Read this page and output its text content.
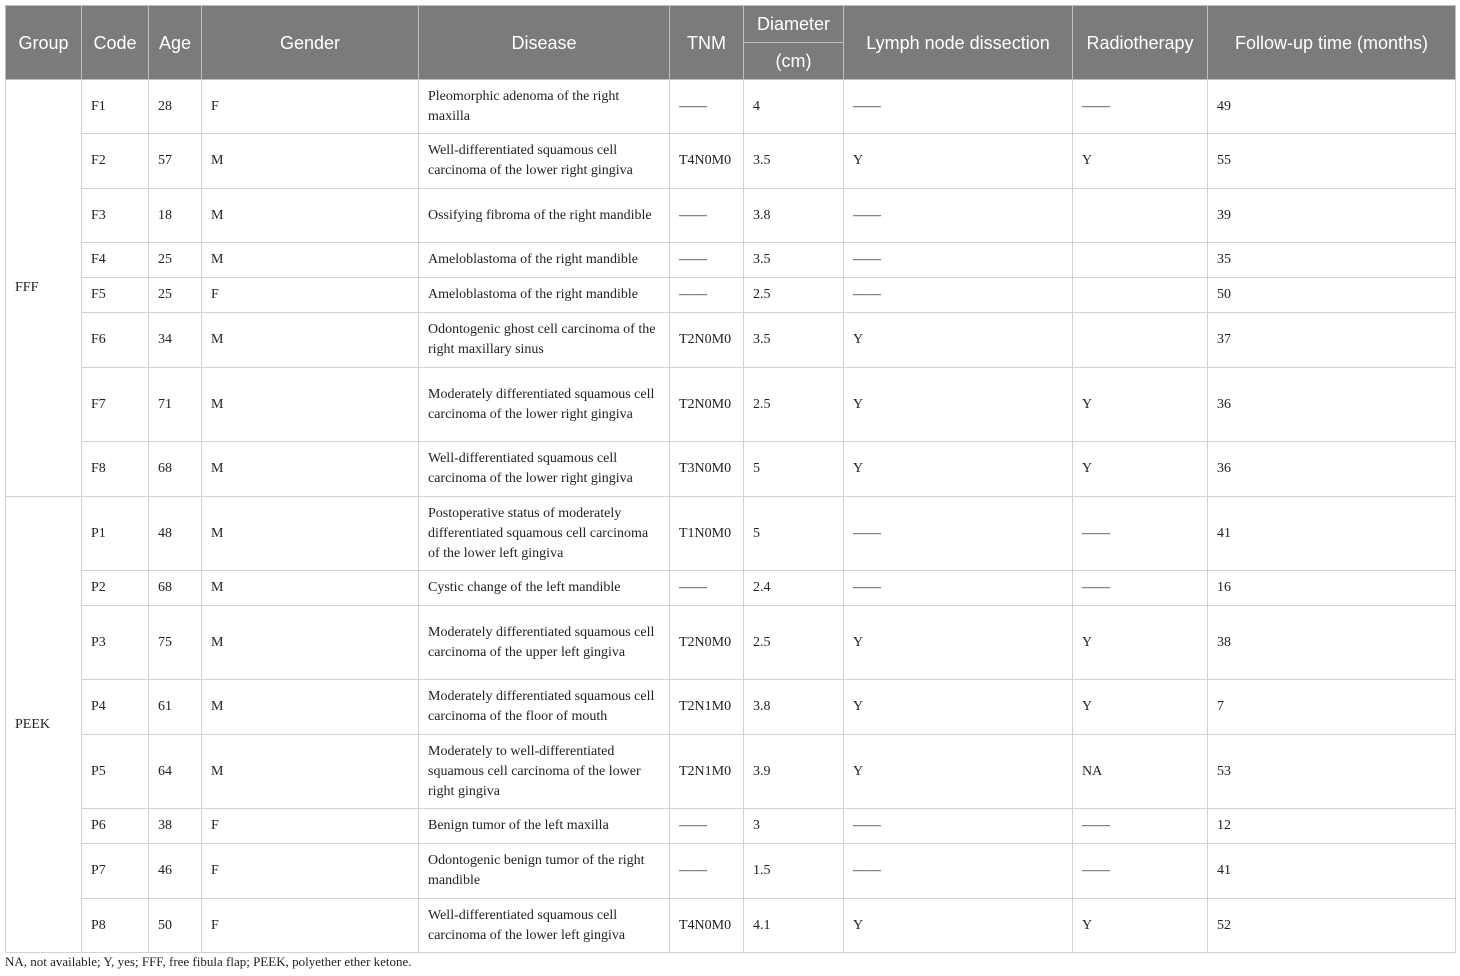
Group	Code	Age	Gender	Disease	TNM	Diameter	Lymph node dissection	Radiotherapy	Follow-up time (months)
						(cm)			
FFF	F1	28	F	Pleomorphic adenoma of the right maxilla	——	4	——	——	49
	F2	57	M	Well-differentiated squamous cell carcinoma of the lower right gingiva	T4N0M0	3.5	Y	Y	55
	F3	18	M	Ossifying fibroma of the right mandible	——	3.8	——		39
	F4	25	M	Ameloblastoma of the right mandible	——	3.5	——		35
	F5	25	F	Ameloblastoma of the right mandible	——	2.5	——		50
	F6	34	M	Odontogenic ghost cell carcinoma of the right maxillary sinus	T2N0M0	3.5	Y		37
	F7	71	M	Moderately differentiated squamous cell carcinoma of the lower right gingiva	T2N0M0	2.5	Y	Y	36
	F8	68	M	Well-differentiated squamous cell carcinoma of the lower right gingiva	T3N0M0	5	Y	Y	36
PEEK	P1	48	M	Postoperative status of moderately differentiated squamous cell carcinoma of the lower left gingiva	T1N0M0	5	——	——	41
	P2	68	M	Cystic change of the left mandible	——	2.4	——	——	16
	P3	75	M	Moderately differentiated squamous cell carcinoma of the upper left gingiva	T2N0M0	2.5	Y	Y	38
	P4	61	M	Moderately differentiated squamous cell carcinoma of the floor of mouth	T2N1M0	3.8	Y	Y	7
	P5	64	M	Moderately to well-differentiated squamous cell carcinoma of the lower right gingiva	T2N1M0	3.9	Y	NA	53
	P6	38	F	Benign tumor of the left maxilla	——	3	——	——	12
	P7	46	F	Odontogenic benign tumor of the right mandible	——	1.5	——	——	41
	P8	50	F	Well-differentiated squamous cell carcinoma of the lower left gingiva	T4N0M0	4.1	Y	Y	52
NA, not available; Y, yes; FFF, free fibula flap; PEEK, polyether ether ketone.
